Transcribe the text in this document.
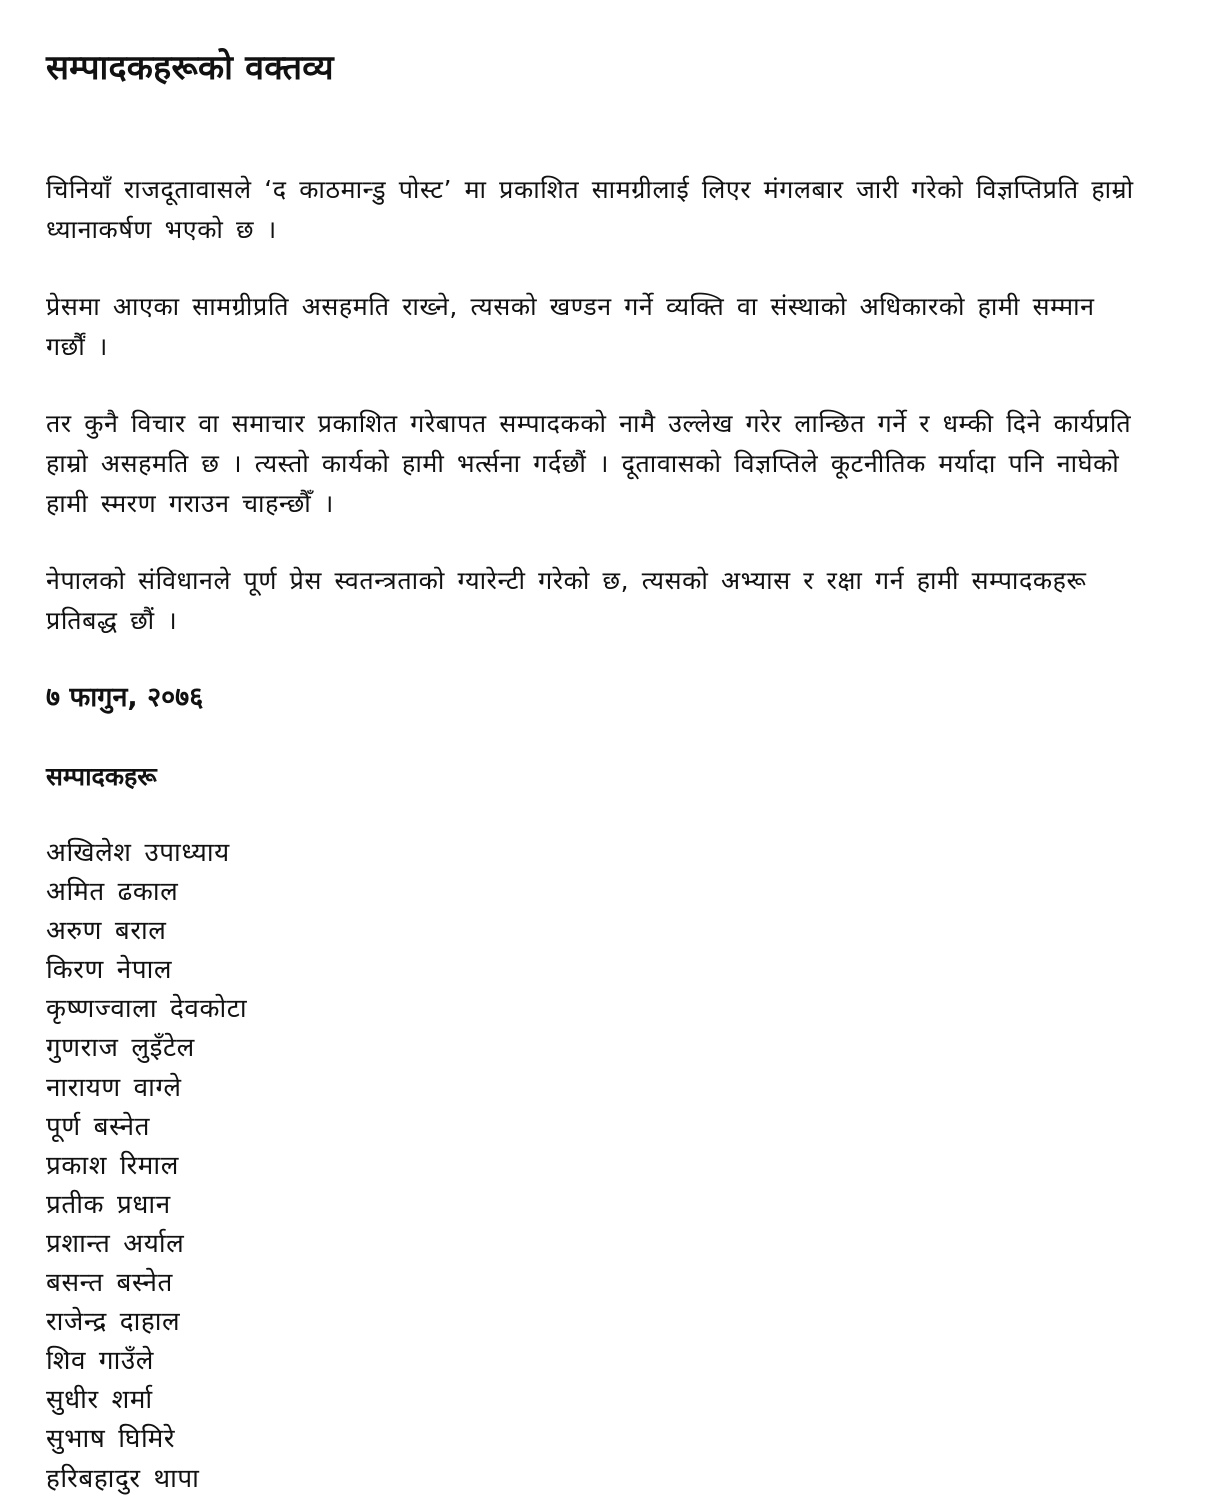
सम्पादकहरूको वक्तव्य

चिनियाँ राजदूतावासले ‘द काठमान्डु पोस्ट’ मा प्रकाशित सामग्रीलाई लिएर मंगलबार जारी गरेको विज्ञप्तिप्रति हाम्रो ध्यानाकर्षण भएको छ ।

प्रेसमा आएका सामग्रीप्रति असहमति राख्ने, त्यसको खण्डन गर्ने व्यक्ति वा संस्थाको अधिकारको हामी सम्मान गर्छौं ।

तर कुनै विचार वा समाचार प्रकाशित गरेबापत सम्पादकको नामै उल्लेख गरेर लान्छित गर्ने र धम्की दिने कार्यप्रति हाम्रो असहमति छ । त्यस्तो कार्यको हामी भर्त्सना गर्दछौं । दूतावासको विज्ञप्तिले कूटनीतिक मर्यादा पनि नाघेको हामी स्मरण गराउन चाहन्छौँ ।

नेपालको संविधानले पूर्ण प्रेस स्वतन्त्रताको ग्यारेन्टी गरेको छ, त्यसको अभ्यास र रक्षा गर्न हामी सम्पादकहरू प्रतिबद्ध छौं ।

७ फागुन, २०७६

सम्पादकहरू

अखिलेश उपाध्याय
अमित ढकाल
अरुण बराल
किरण नेपाल
कृष्णज्वाला देवकोटा
गुणराज लुइँटेल
नारायण वाग्ले
पूर्ण बस्नेत
प्रकाश रिमाल
प्रतीक प्रधान
प्रशान्त अर्याल
बसन्त बस्नेत
राजेन्द्र दाहाल
शिव गाउँले
सुधीर शर्मा
सुभाष घिमिरे
हरिबहादुर थापा
